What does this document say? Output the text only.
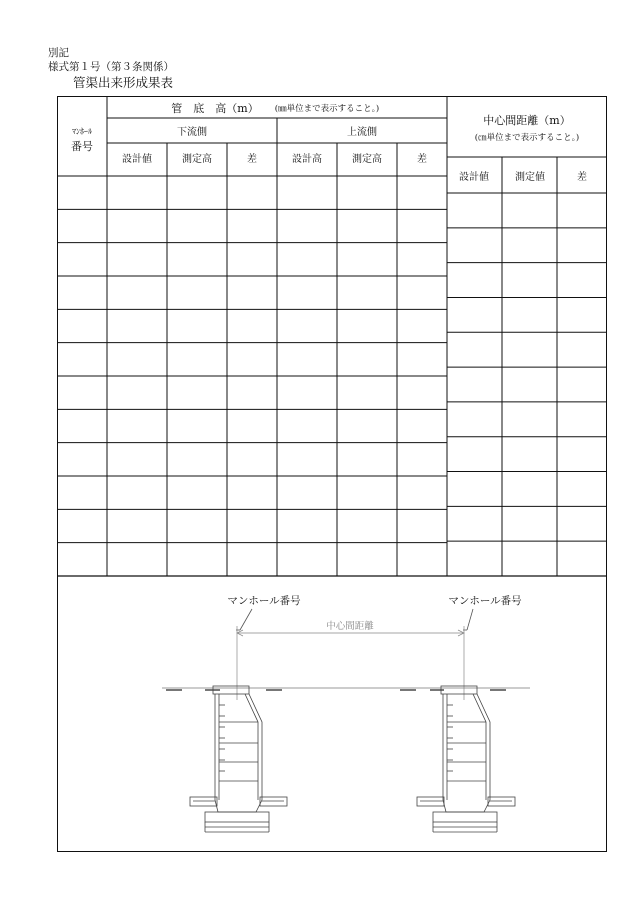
別記
様式第１号（第３条関係）
管渠出来形成果表
ﾏﾝﾎｰﾙ
番号
管　底　高（m） (㎜単位まで表示すること。)
下流側	上流側
設計値	測定高	差	設計高	測定高	差
中心間距離（m）
(㎝単位まで表示すること。)
設計値	測定値	差
マンホール番号	マンホール番号
中心間距離
